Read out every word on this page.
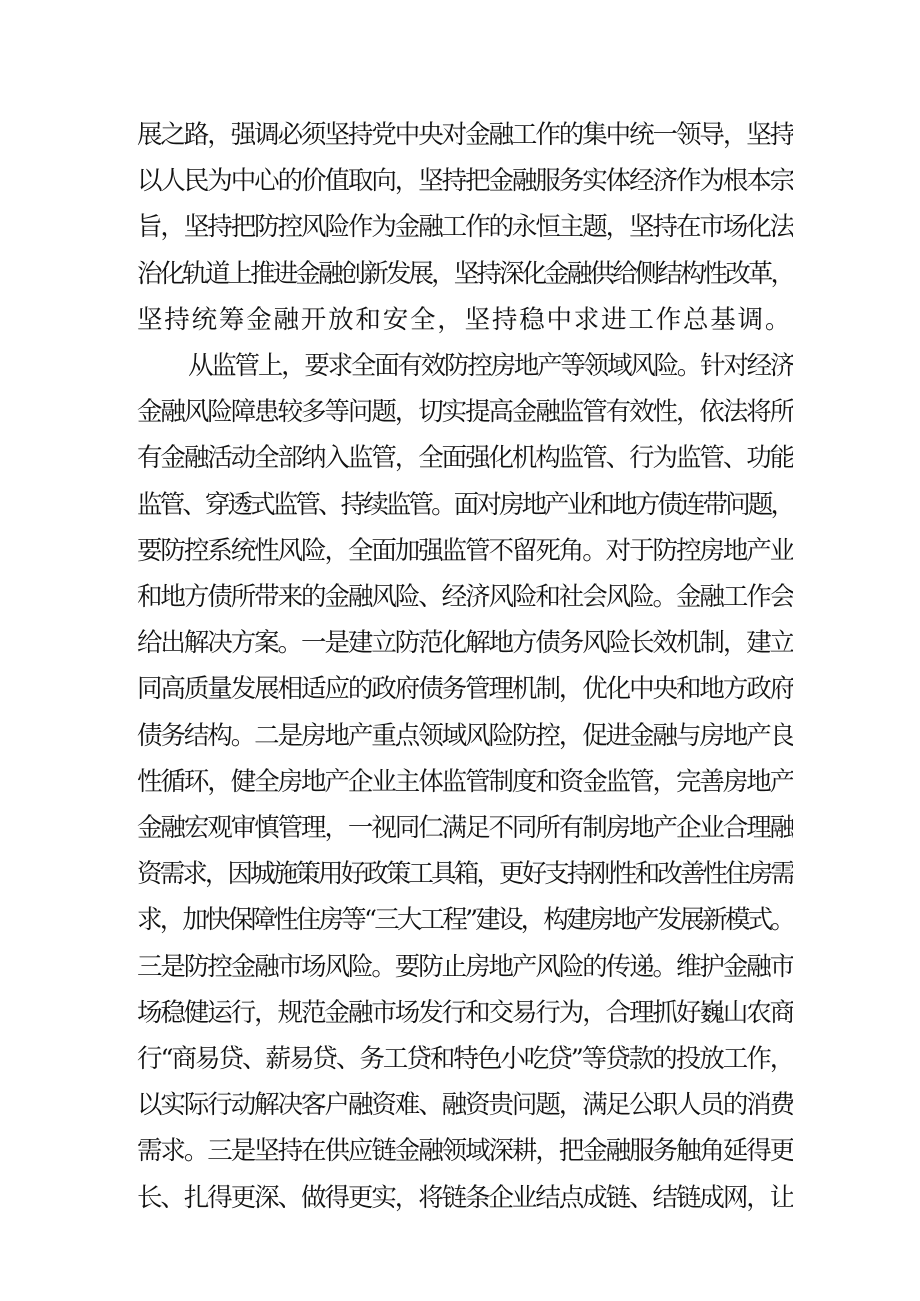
展之路，强调必须坚持党中央对金融工作的集中统一领导，坚持
以人民为中心的价值取向，坚持把金融服务实体经济作为根本宗
旨，坚持把防控风险作为金融工作的永恒主题，坚持在市场化法
治化轨道上推进金融创新发展，坚持深化金融供给侧结构性改革，
坚持统筹金融开放和安全，坚持稳中求进工作总基调。
从监管上，要求全面有效防控房地产等领域风险。针对经济
金融风险障患较多等问题，切实提高金融监管有效性，依法将所
有金融活动全部纳入监管，全面强化机构监管、行为监管、功能
监管、穿透式监管、持续监管。面对房地产业和地方债连带问题，
要防控系统性风险，全面加强监管不留死角。对于防控房地产业
和地方债所带来的金融风险、经济风险和社会风险。金融工作会
给出解决方案。一是建立防范化解地方债务风险长效机制，建立
同高质量发展相适应的政府债务管理机制，优化中央和地方政府
债务结构。二是房地产重点领域风险防控，促进金融与房地产良
性循环，健全房地产企业主体监管制度和资金监管，完善房地产
金融宏观审慎管理，一视同仁满足不同所有制房地产企业合理融
资需求，因城施策用好政策工具箱，更好支持刚性和改善性住房需
求，加快保障性住房等“三大工程”建设，构建房地产发展新模式。
三是防控金融市场风险。要防止房地产风险的传递。维护金融市
场稳健运行，规范金融市场发行和交易行为，合理抓好巍山农商
行“商易贷、薪易贷、务工贷和特色小吃贷”等贷款的投放工作，
以实际行动解决客户融资难、融资贵问题，满足公职人员的消费
需求。三是坚持在供应链金融领域深耕，把金融服务触角延得更
长、扎得更深、做得更实，将链条企业结点成链、结链成网，让
